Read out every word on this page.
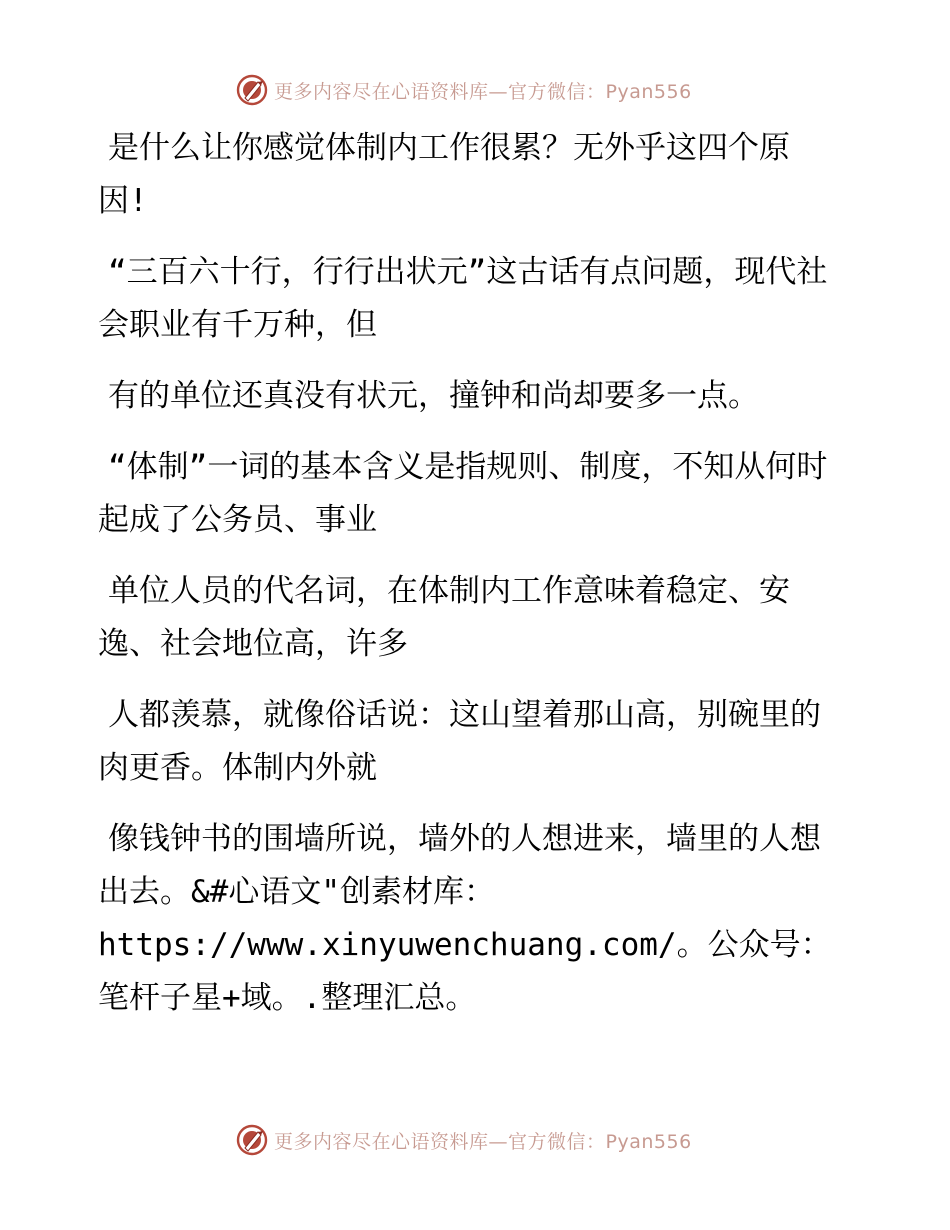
更多内容尽在心语资料库—官方微信：Pyan556

是什么让你感觉体制内工作很累？无外乎这四个原因!

“三百六十行，行行出状元”这古话有点问题，现代社会职业有千万种，但

有的单位还真没有状元，撞钟和尚却要多一点。

“体制”一词的基本含义是指规则、制度，不知从何时起成了公务员、事业

单位人员的代名词，在体制内工作意味着稳定、安逸、社会地位高，许多

人都羡慕，就像俗话说：这山望着那山高，别碗里的肉更香。体制内外就

像钱钟书的围墙所说，墙外的人想进来，墙里的人想出去。&#心语文"创素材库：https://www.xinyuwenchuang.com/。公众号：笔杆子星+域。.整理汇总。

更多内容尽在心语资料库—官方微信：Pyan556
